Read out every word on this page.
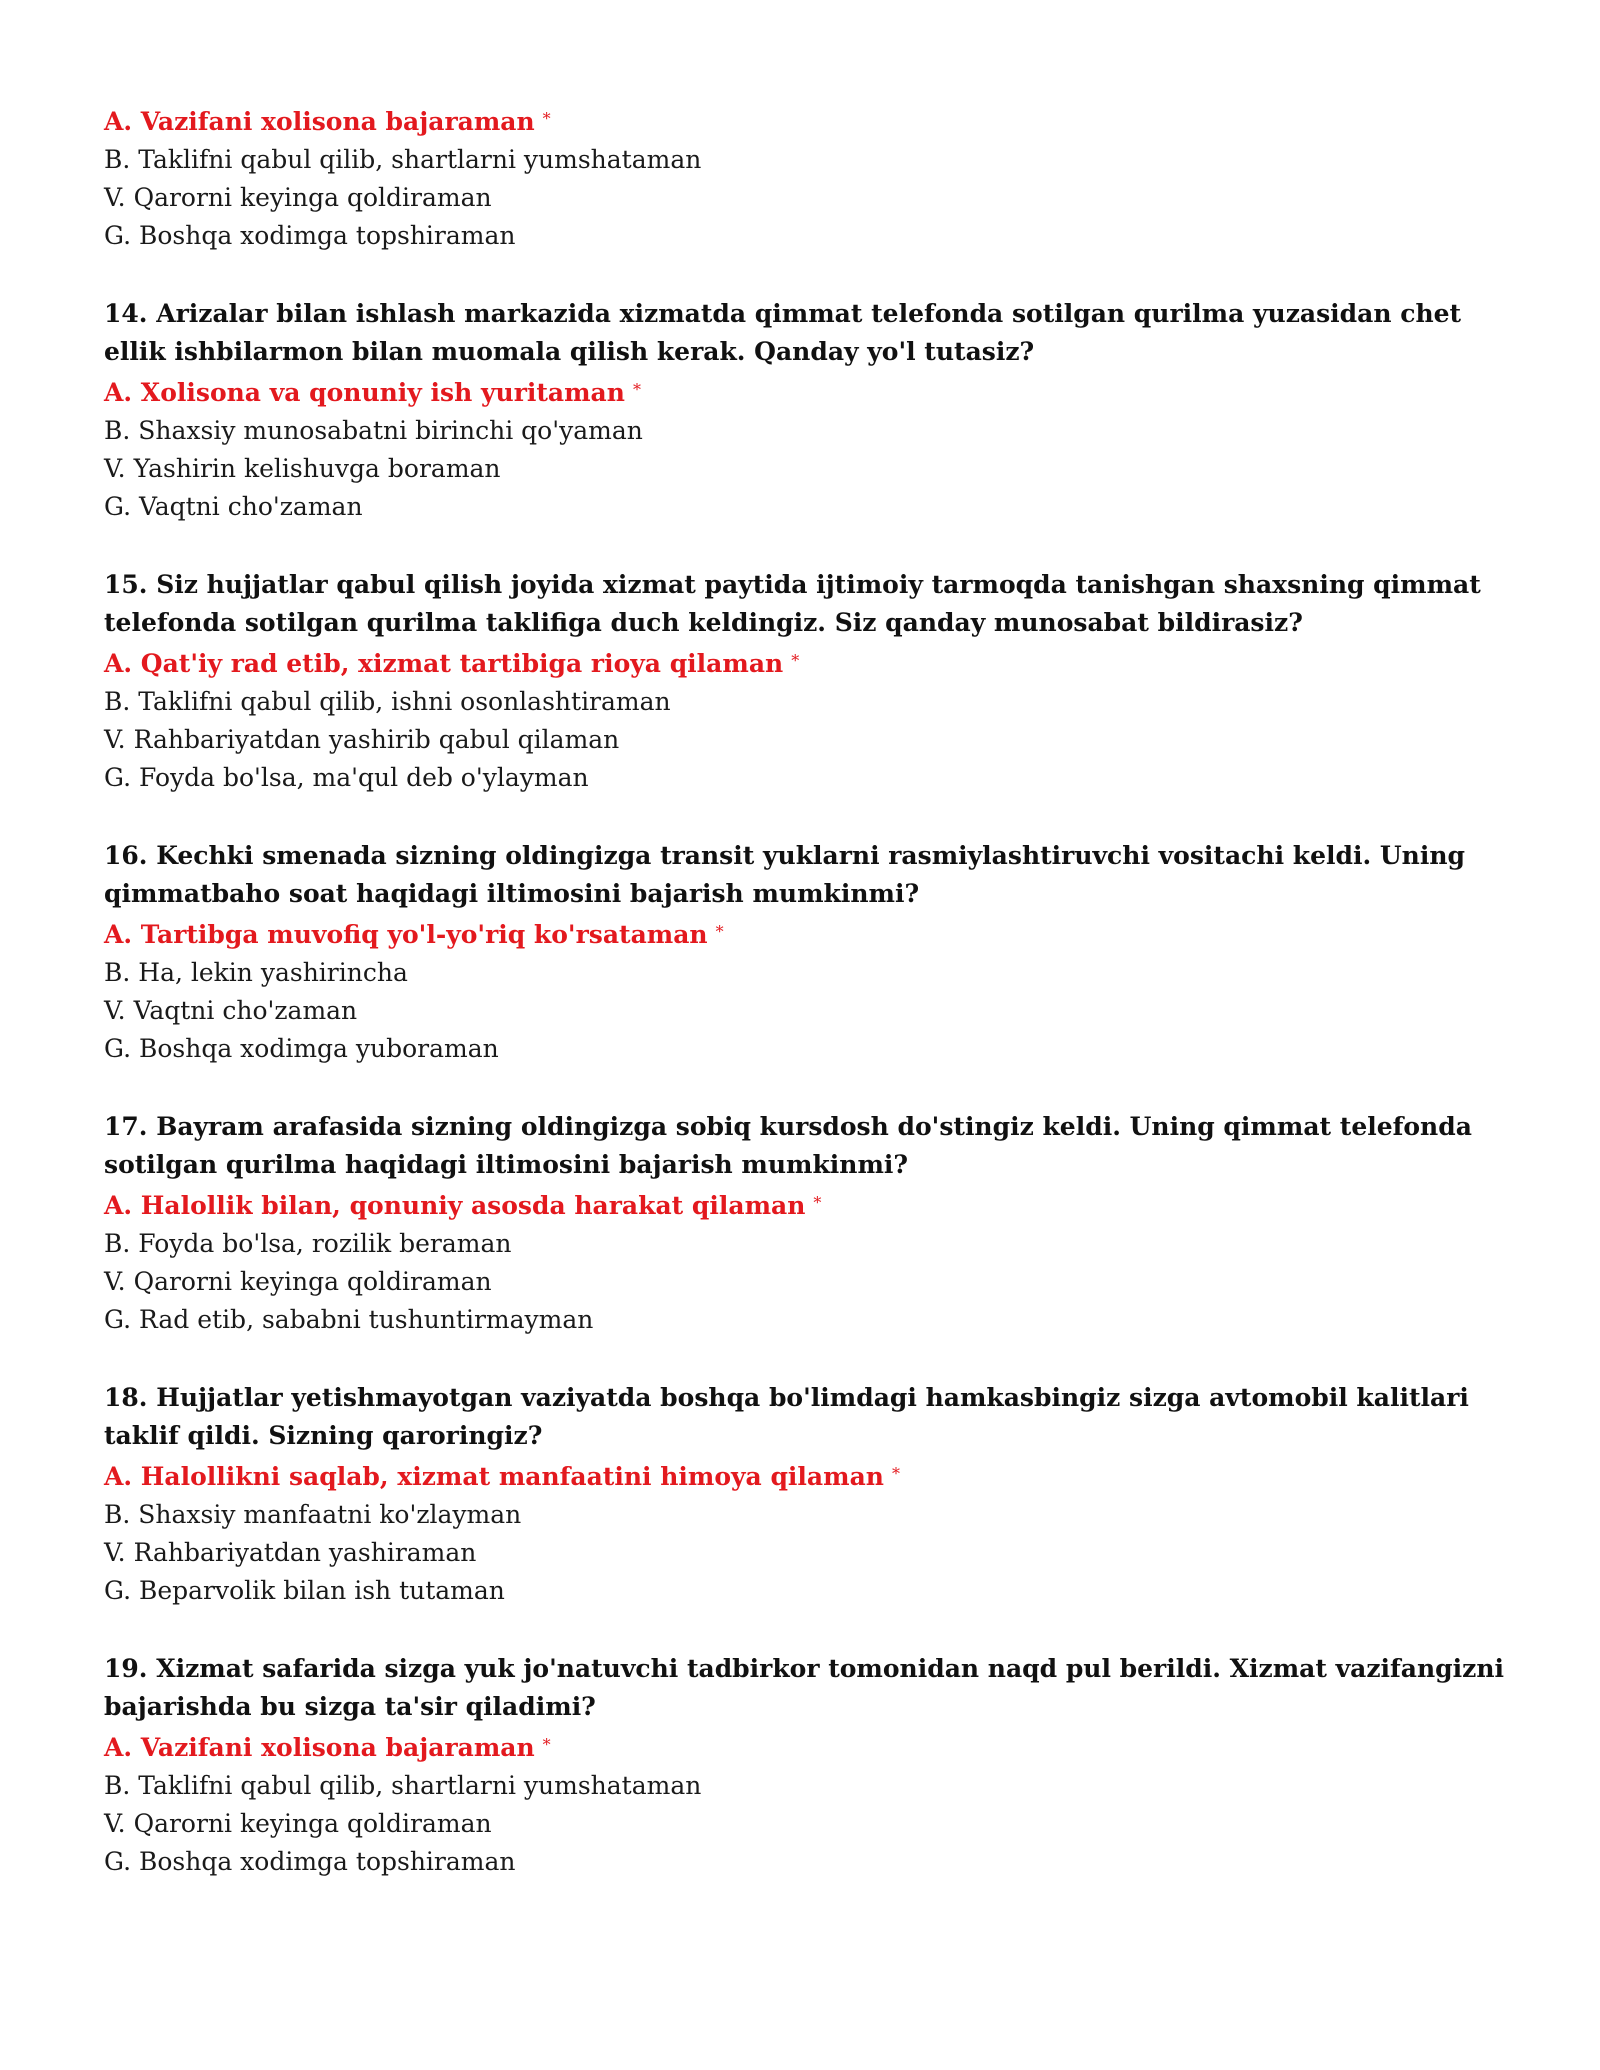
A. Vazifani xolisona bajaraman *

B. Taklifni qabul qilib, shartlarni yumshataman

V. Qarorni keyinga qoldiraman

G. Boshqa xodimga topshiraman

14. Arizalar bilan ishlash markazida xizmatda qimmat telefonda sotilgan qurilma yuzasidan chet ellik ishbilarmon bilan muomala qilish kerak. Qanday yo'l tutasiz?

A. Xolisona va qonuniy ish yuritaman *

B. Shaxsiy munosabatni birinchi qo'yaman

V. Yashirin kelishuvga boraman

G. Vaqtni cho'zaman

15. Siz hujjatlar qabul qilish joyida xizmat paytida ijtimoiy tarmoqda tanishgan shaxsning qimmat telefonda sotilgan qurilma taklifiga duch keldingiz. Siz qanday munosabat bildirasiz?

A. Qat'iy rad etib, xizmat tartibiga rioya qilaman *

B. Taklifni qabul qilib, ishni osonlashtiraman

V. Rahbariyatdan yashirib qabul qilaman

G. Foyda bo'lsa, ma'qul deb o'ylayman

16. Kechki smenada sizning oldingizga transit yuklarni rasmiylashtiruvchi vositachi keldi. Uning qimmatbaho soat haqidagi iltimosini bajarish mumkinmi?

A. Tartibga muvofiq yo'l-yo'riq ko'rsataman *

B. Ha, lekin yashirincha

V. Vaqtni cho'zaman

G. Boshqa xodimga yuboraman

17. Bayram arafasida sizning oldingizga sobiq kursdosh do'stingiz keldi. Uning qimmat telefonda sotilgan qurilma haqidagi iltimosini bajarish mumkinmi?

A. Halollik bilan, qonuniy asosda harakat qilaman *

B. Foyda bo'lsa, rozilik beraman

V. Qarorni keyinga qoldiraman

G. Rad etib, sababni tushuntirmayman

18. Hujjatlar yetishmayotgan vaziyatda boshqa bo'limdagi hamkasbingiz sizga avtomobil kalitlari taklif qildi. Sizning qaroringiz?

A. Halollikni saqlab, xizmat manfaatini himoya qilaman *

B. Shaxsiy manfaatni ko'zlayman

V. Rahbariyatdan yashiraman

G. Beparvolik bilan ish tutaman

19. Xizmat safarida sizga yuk jo'natuvchi tadbirkor tomonidan naqd pul berildi. Xizmat vazifangizni bajarishda bu sizga ta'sir qiladimi?

A. Vazifani xolisona bajaraman *

B. Taklifni qabul qilib, shartlarni yumshataman

V. Qarorni keyinga qoldiraman

G. Boshqa xodimga topshiraman
